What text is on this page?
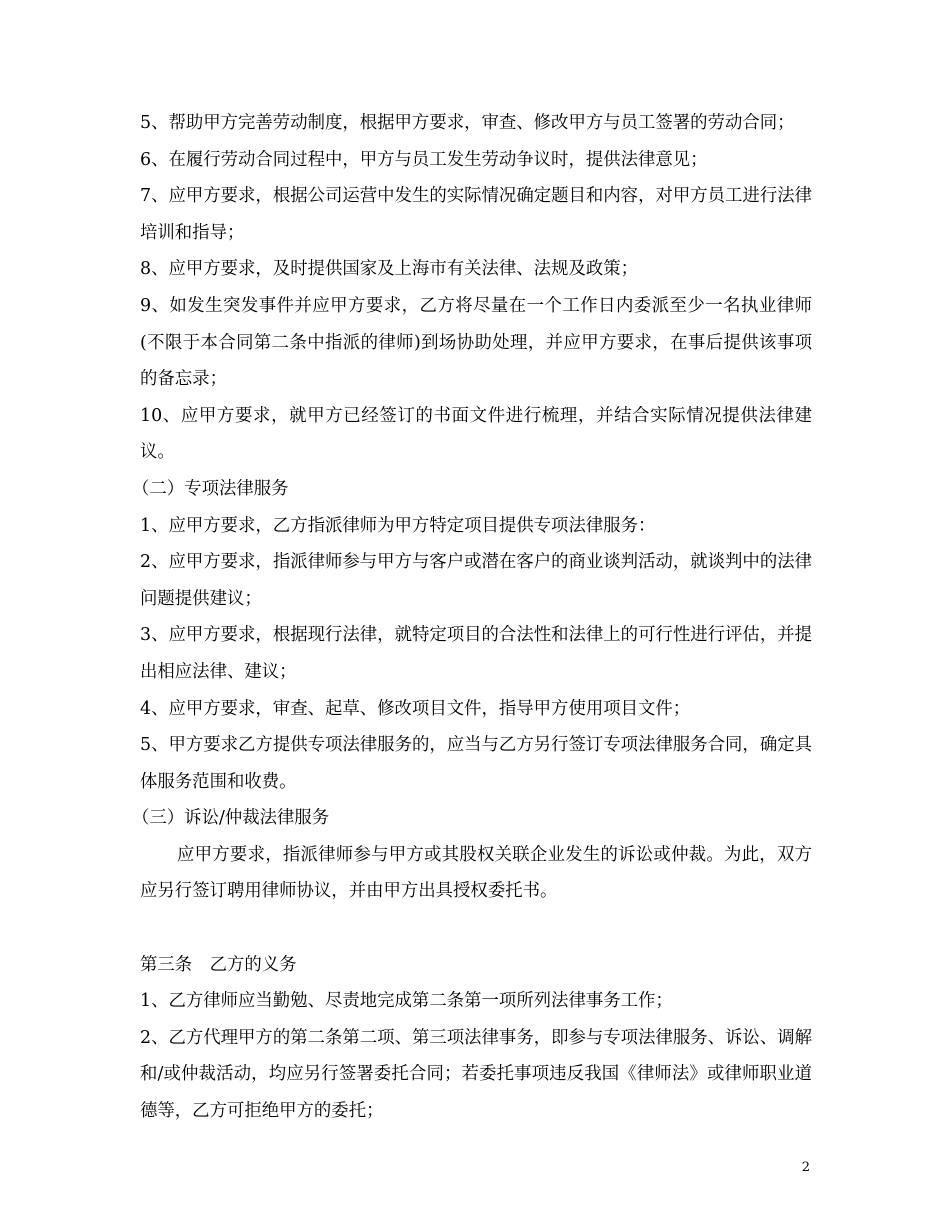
5、帮助甲方完善劳动制度，根据甲方要求，审查、修改甲方与员工签署的劳动合同；

6、在履行劳动合同过程中，甲方与员工发生劳动争议时，提供法律意见；

7、应甲方要求，根据公司运营中发生的实际情况确定题目和内容，对甲方员工进行法律培训和指导；

8、应甲方要求，及时提供国家及上海市有关法律、法规及政策；

9、如发生突发事件并应甲方要求，乙方将尽量在一个工作日内委派至少一名执业律师(不限于本合同第二条中指派的律师)到场协助处理，并应甲方要求，在事后提供该事项的备忘录；

10、应甲方要求，就甲方已经签订的书面文件进行梳理，并结合实际情况提供法律建议。

（二）专项法律服务

1、应甲方要求，乙方指派律师为甲方特定项目提供专项法律服务：

2、应甲方要求，指派律师参与甲方与客户或潜在客户的商业谈判活动，就谈判中的法律问题提供建议；

3、应甲方要求，根据现行法律，就特定项目的合法性和法律上的可行性进行评估，并提出相应法律、建议；

4、应甲方要求，审查、起草、修改项目文件，指导甲方使用项目文件；

5、甲方要求乙方提供专项法律服务的，应当与乙方另行签订专项法律服务合同，确定具体服务范围和收费。

（三）诉讼/仲裁法律服务

应甲方要求，指派律师参与甲方或其股权关联企业发生的诉讼或仲裁。为此，双方应另行签订聘用律师协议，并由甲方出具授权委托书。

第三条　乙方的义务

1、乙方律师应当勤勉、尽责地完成第二条第一项所列法律事务工作；

2、乙方代理甲方的第二条第二项、第三项法律事务，即参与专项法律服务、诉讼、调解和/或仲裁活动，均应另行签署委托合同；若委托事项违反我国《律师法》或律师职业道德等，乙方可拒绝甲方的委托；

2
